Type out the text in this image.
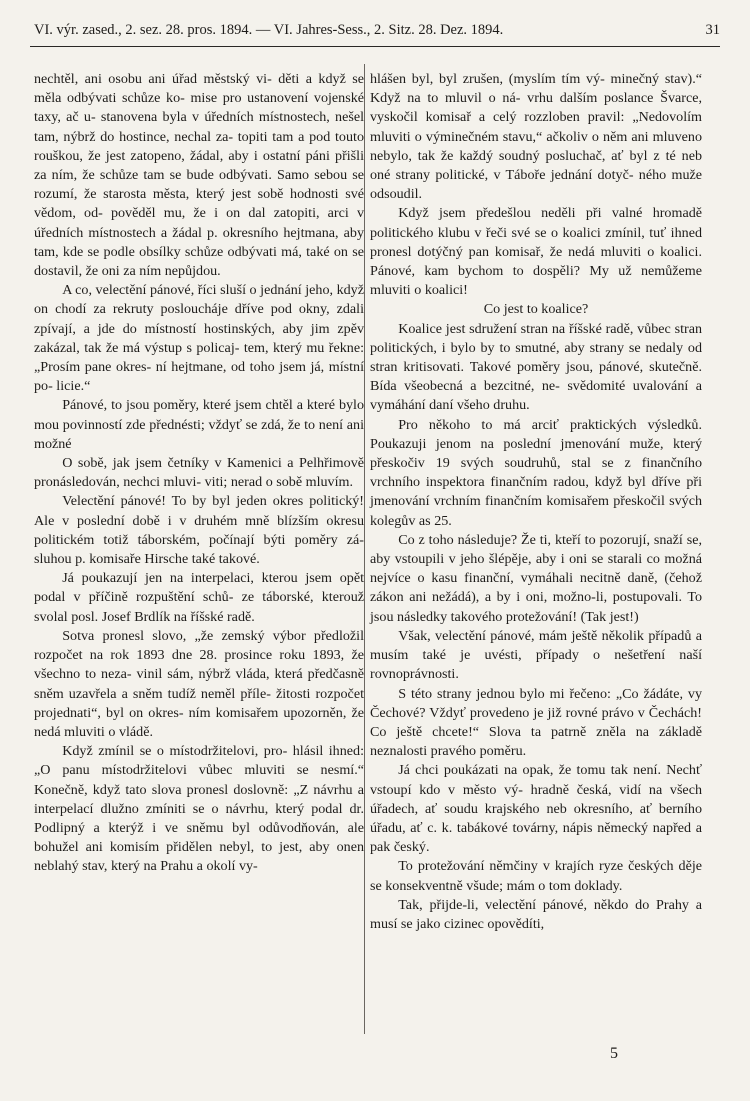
VI. výr. zased., 2. sez. 28. pros. 1894. — VI. Jahres-Sess., 2. Sitz. 28. Dez. 1894.	31

nechtěl, ani osobu ani úřad městský vi- děti a když se měla odbývati schůze ko- mise pro ustanovení vojenské taxy, ač u- stanovena byla v úředních místnostech, nešel tam, nýbrž do hostince, nechal za- topiti tam a pod touto rouškou, že jest zatopeno, žádal, aby i ostatní páni přišli za ním, že schůze tam se bude odbývati. Samo sebou se rozumí, že starosta města, který jest sobě hodnosti své vědom, od- pověděl mu, že i on dal zatopiti, arci v úředních místnostech a žádal p. okresního hejtmana, aby tam, kde se podle obsílky schůze odbývati má, také on se dostavil, že oni za ním nepůjdou.

A co, velectění pánové, říci sluší o jednání jeho, když on chodí za rekruty posloucháje dříve pod okny, zdali zpívají, a jde do místností hostinských, aby jim zpěv zakázal, tak že má výstup s policaj- tem, který mu řekne: „Prosím pane okres- ní hejtmane, od toho jsem já, místní po- licie.“

Pánové, to jsou poměry, které jsem chtěl a které bylo mou povinností zde přednésti; vždyť se zdá, že to není ani možné

O sobě, jak jsem četníky v Kamenici a Pelhřimově pronásledován, nechci mluvi- viti; nerad o sobě mluvím.

Velectění pánové! To by byl jeden okres politický! Ale v poslední době i v druhém mně blízším okresu politickém totiž táborském, počínají býti poměry zá- sluhou p. komisaře Hirsche také takové.

Já poukazují jen na interpelaci, kterou jsem opět podal v příčině rozpuštění schů- ze táborské, kterouž svolal posl. Josef Brdlík na říšské radě.

Sotva pronesl slovo, „že zemský výbor předložil rozpočet na rok 1893 dne 28. prosince roku 1893, že všechno to neza- vinil sám, nýbrž vláda, která předčasně sněm uzavřela a sněm tudíž neměl příle- žitosti rozpočet projednati“, byl on okres- ním komisařem upozorněn, že nedá mluviti o vládě.

Když zmínil se o místodržitelovi, pro- hlásil ihned: „O panu místodržitelovi vůbec mluviti se nesmí.“ Konečně, když tato slova pronesl doslovně: „Z návrhu a interpelací dlužno zmíniti se o návrhu, který podal dr. Podlipný a kterýž i ve sněmu byl odůvodňován, ale bohužel ani komisím přidělen nebyl, to jest, aby onen neblahý stav, který na Prahu a okolí vy-

hlášen byl, byl zrušen, (myslím tím vý- minečný stav).“ Když na to mluvil o ná- vrhu dalším poslance Švarce, vyskočil komisař a celý rozzloben pravil: „Nedovolím mluviti o výminečném stavu,“ ačkoliv o něm ani mluveno nebylo, tak že každý soudný posluchač, ať byl z té neb oné strany politické, v Táboře jednání dotyč- ného muže odsoudil.

Když jsem předešlou neděli při valné hromadě politického klubu v řeči své se o koalici zmínil, tuť ihned pronesl dotýčný pan komisař, že nedá mluviti o koalici. Pánové, kam bychom to dospěli? My už nemůžeme mluviti o koalici!

Co jest to koalice?

Koalice jest sdružení stran na říšské radě, vůbec stran politických, i bylo by to smutné, aby strany se nedaly od stran kritisovati. Takové poměry jsou, pánové, skutečně. Bída všeobecná a bezcitné, ne- svědomité uvalování a vymáhání daní všeho druhu.

Pro někoho to má arciť praktických výsledků. Poukazuji jenom na poslední jmenování muže, který přeskočiv 19 svých soudruhů, stal se z finančního vrchního inspektora finančním radou, když byl dříve při jmenování vrchním finančním komisařem přeskočil svých kolegův as 25.

Co z toho následuje? Že ti, kteří to pozorují, snaží se, aby vstoupili v jeho šlépěje, aby i oni se starali co možná nejvíce o kasu finanční, vymáhali necitně daně, (čehož zákon ani nežádá), a by i oni, možno-li, postupovali. To jsou následky takového protežování! (Tak jest!)

Však, velectění pánové, mám ještě několik případů a musím také je uvésti, případy o nešetření naší rovnoprávnosti.

S této strany jednou bylo mi řečeno: „Co žádáte, vy Čechové? Vždyť provedeno je již rovné právo v Čechách! Co ještě chcete!“ Slova ta patrně zněla na základě neznalosti pravého poměru.

Já chci poukázati na opak, že tomu tak není. Nechť vstoupí kdo v město vý- hradně česká, vidí na všech úřadech, ať soudu krajského neb okresního, ať berního úřadu, ať c. k. tabákové továrny, nápis německý napřed a pak český.

To protežování němčiny v krajích ryze českých děje se konsekventně všude; mám o tom doklady.

Tak, přijde-li, velectění pánové, někdo do Prahy a musí se jako cizinec opovědíti,

5
